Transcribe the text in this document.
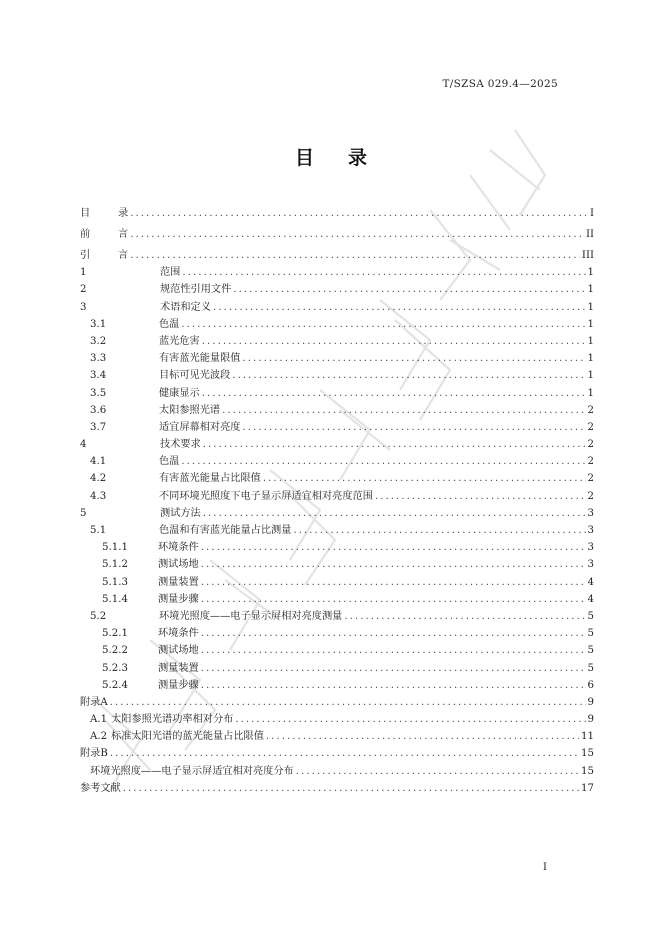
T/SZSA 029.4—2025
目录
目	录 . . .	I
前	言 . . .	II
引	言 . . .	III
1	范围 . . .	1
2	规范性引用文件 . . .	1
3	术语和定义 . . .	1
3.1	色温 . . .	1
3.2	蓝光危害 . . .	1
3.3	有害蓝光能量限值 . . .	1
3.4	目标可见光波段 . . .	1
3.5	健康显示 . . .	1
3.6	太阳参照光谱 . . .	2
3.7	适宜屏幕相对亮度 . . .	2
4	技术要求 . . .	2
4.1	色温 . . .	2
4.2	有害蓝光能量占比限值 . . .	2
4.3	不同环境光照度下电子显示屏适宜相对亮度范围 . . .	2
5	测试方法 . . .	3
5.1	色温和有害蓝光能量占比测量 . . .	3
5.1.1	环境条件 . . .	3
5.1.2	测试场地 . . .	3
5.1.3	测量装置 . . .	4
5.1.4	测量步骤 . . .	4
5.2	环境光照度——电子显示屏相对亮度测量 . . .	5
5.2.1	环境条件 . . .	5
5.2.2	测试场地 . . .	5
5.2.3	测量装置 . . .	5
5.2.4	测量步骤 . . .	6
附录A . . .	9
A.1 太阳参照光谱功率相对分布 . . .	9
A.2 标准太阳光谱的蓝光能量占比限值 . . .	11
附录B . . .	15
环境光照度——电子显示屏适宜相对亮度分布 . . .	15
参考文献 . . .	17
I
